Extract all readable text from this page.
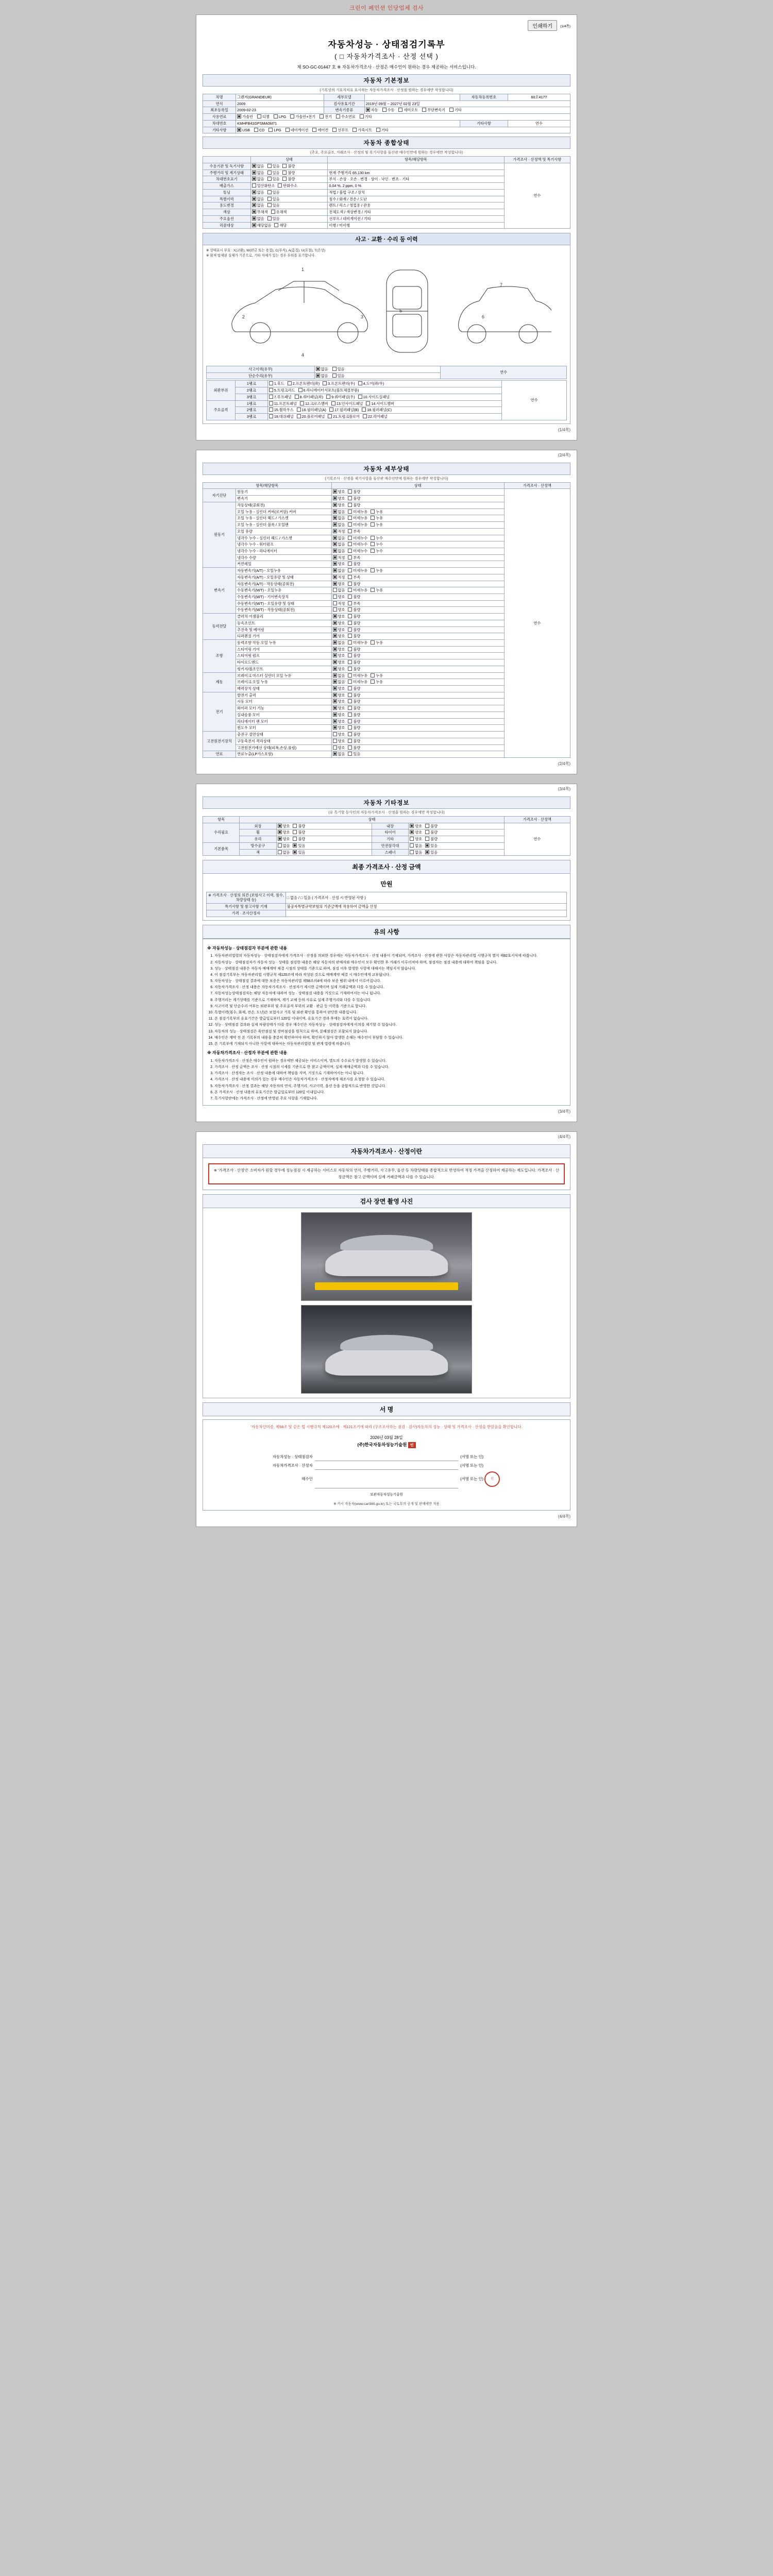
크린이 페민션 인당업체 검사
인쇄하기	(1/4쪽)
자동차성능 · 상태점검기록부
( □ 자동차가격조사 · 산정 선택 )
제 SO-GC-01447 호 ※ 자동차가격조사 · 산정은 매수인이 원하는 경우 제공하는 서비스입니다.
자동차 기본정보
(기록상의 기호자치표 표시하는 자동차가격조사 · 산정을 원하는 경우에만 작성합니다)
차명	그랜저(GRANDEUR)	세부모델		자동차등록번호	60오4177
연식	2009	검사유효기간	2019년 09월 ~ 2027년 02월 23일		
최초등록일	2009-02-23	변속기종류	자동 수동 세미오토 무단변속기 기타		
사용연료	가솔린 디젤 LPG 가솔린+전기 전기 수소연료 기타				
차대번호	KMHFB41GPSMA0M71			기타사항	연수
기타사항	USB CD LPG 네비게이션 에어컨 선루프 가죽시트 기타				
자동차 종합상태
(주요, 주요골조, 거래조사 · 산정의 및 록기사항을 돌산관 매수인만에 원하는 경우에만 작성합니다)
	상태	항목/해당항목	가격조사 · 산정액 및 특기사항
수용기관 및 독기사항	없음 있음 불량		연수
주행거리 및 계기상태	없음 있음 불량	현재 주행거리 65,130 km	
차대번호표기	없음 있음 불량	부식 · 손상 · 오손 · 변경 · 상이 · 낙인 · 변조 · 기타	
배출가스	일산화탄소 탄화수소	0.04 %, 2 ppm, 0 %	
튜닝	없음 있음	적법 / 불법 구조 / 장치	
특별이력	없음 있음	침수 / 화재 / 전손 / 도난	
용도변경	없음 있음	렌트 / 리스 / 영업용 / 관용	
색상	무채색 유채색	전체도색 / 색상변경 / 기타	
주요옵션	없음 있음	선루프 / 네비게이션 / 기타	
리콜대상	해당없음 해당	이행 / 미이행	
사고 · 교환 · 수리 등 이력
※ 상태표시 부호 : X(교환), W(판금 또는 용접), C(부식), A(흠집), U(요철), T(손상)
※ 흰색 탑재된 실제가 기준으로, 기타 자체가 있는 경우 부위를 표기합니다.
1
2	3
4
5
6
7
사고이력(유무)	없음 있음	연수
단순수리(유무)	없음 있음	
외판부위	1랭크	1.후드 2.프론트팬더(좌) 3.프론트팬더(우) 4.도어(좌/우)	연수
	2랭크	5.트렁크리드 6.라디에이터서포트(볼트체결부품)	
	3랭크	7.루프패널 8.쿼터패널(좌) 9.쿼터패널(우) 10.사이드실패널	
주요골격	1랭크	11.프론트패널 12.크로스멤버 13.인사이드패널 14.사이드멤버	
	2랭크	15.휠하우스 16.필러패널(A) 17.필러패널(B) 18.필러패널(C)	
	3랭크	19.대쉬패널 20.플로어패널 21.트렁크플로어 22.리어패널	
(1/4쪽)
(2/4쪽)
자동차 세부상태
(기록조사 · 산정을 제기사항을 돌산관 매수인만에 원하는 경우에만 작성합니다)
항목/해당항목		상태	가격조사 · 산정액
자기진단	원동기	양호 불량	연수
	변속기	양호 불량	
원동기	작동상태(공회전)	양호 불량	
	오일 누유 - 실린더 커버(로커암) 커버	없음 미세누유 누유	
	오일 누유 - 실린더 헤드 / 가스켓	없음 미세누유 누유	
	오일 누유 - 실린더 블록 / 오일팬	없음 미세누유 누유	
	오일 유량	적정 부족	
	냉각수 누수 - 실린더 헤드 / 가스켓	없음 미세누수 누수	
	냉각수 누수 - 워터펌프	없음 미세누수 누수	
	냉각수 누수 - 라디에이터	없음 미세누수 누수	
	냉각수 수량	적정 부족	
	커먼레일	양호 불량	
변속기	자동변속기(A/T) - 오일누유	없음 미세누유 누유	
	자동변속기(A/T) - 오일유량 및 상태	적정 부족	
	자동변속기(A/T) - 작동상태(공회전)	양호 불량	
	수동변속기(M/T) - 오일누유	없음 미세누유 누유	
	수동변속기(M/T) - 기어변속장치	양호 불량	
	수동변속기(M/T) - 오일유량 및 상태	적정 부족	
	수동변속기(M/T) - 작동상태(공회전)	양호 불량	
동력전달	클러치 어셈블리	양호 불량	
	등속조인트	양호 불량	
	추진축 및 베어링	양호 불량	
	디퍼렌셜 기어	양호 불량	
조향	동력조향 작동 오일 누유	없음 미세누유 누유	
	스티어링 기어	양호 불량	
	스티어링 펌프	양호 불량	
	타이로드엔드	양호 불량	
	링키지/볼조인트	양호 불량	
제동	브레이크 마스터 실린더 오일 누유	없음 미세누유 누유	
	브레이크 오일 누유	없음 미세누유 누유	
	배력장치 상태	양호 불량	
전기	발전기 출력	양호 불량	
	시동 모터	양호 불량	
	와이퍼 모터 기능	양호 불량	
	실내송풍 모터	양호 불량	
	라디에이터 팬 모터	양호 불량	
	윈도우 모터	양호 불량	
고전원전기장치	충전구 절연상태	양호 불량	
	구동축전지 격리상태	양호 불량	
	고전원전기배선 상태(피복,손상,풀림)	양호 불량	
연료	연료누출(LP가스포함)	없음 있음	
(2/4쪽)
(3/4쪽)
자동차 기타정보
(유 특기할 동사인의 자동차가격조사 · 산정을 원하는 경우에만 작성합니다)
항목	상태				가격조사 · 산정액
수리필요	외장	양호 불량	내장	양호 불량	연수
	휠	양호 불량	타이어	양호 불량	
	유리	양호 불량	기타	양호 불량	
기본품목	방수공구	없음 있음	안전삼각대	없음 있음	
	잭	없음 있음	스패너	없음 있음	
최종 가격조사 · 산정 금액
만원
※ 가격조사 · 산정의 의견 (보험사고 이력, 침수, 차량상태 등)	□ 없음 / □ 있음 ( 가격조사 · 산정 시 반영된 사항 )
특기사항 및 참고사항 기재	불공자특별규약보험의 기준금액에 적용하여 금액을 산정
가격 · 조사산정자	
유의 사항
※ 자동차성능 · 상태점검자 부분에 관한 내용
1. 자동차관리법령의 자동차성능 · 상태점검자에게 가격조사 · 산정을 의뢰한 경우에는 자동차가격조사 · 산정 내용이 기재되며, 가격조사 · 산정에 관한 사항은 자동차관리법 시행규칙 별지 제82호서식에 따릅니다.
2. 자동차성능 · 상태점검자가 자동차 성능 · 상태를 점검한 내용은 해당 자동차의 판매자와 매수인이 모두 확인한 후 거래가 이루어져야 하며, 점검자는 점검 내용에 대하여 책임을 집니다.
3. 성능 · 상태점검 내용은 자동차 매매계약 체결 시점의 상태를 기준으로 하며, 점검 이후 발생한 사항에 대해서는 책임지지 않습니다.
4. 이 점검기록부는 자동차관리법 시행규칙 제120조에 따라 작성된 것으로 매매계약 체결 시 매수인에게 교부됩니다.
5. 자동차성능 · 상태점검 결과에 대한 보증은 자동차관리법 제58조의4에 따라 보증 범위 내에서 이루어집니다.
6. 자동차가격조사 · 산정 내용은 자동차가격조사 · 산정자가 제시한 금액이며 실제 거래금액과 다를 수 있습니다.
7. 자동차성능상태점검자는 해당 자동차에 대하여 성능 · 상태점검 내용을 거짓으로 기재하여서는 아니 됩니다.
8. 주행거리는 계기상태를 기준으로 기재하며, 계기 교체 등의 사유로 실제 주행거리와 다를 수 있습니다.
9. 사고이력 및 단순수리 여부는 외판부위 및 주요골격 부위의 교환 · 판금 등 이력을 기준으로 합니다.
10. 특별이력(침수, 화재, 전손, 도난)은 보험사고 기록 및 외관 확인을 통하여 판단한 내용입니다.
11. 본 점검기록부의 유효기간은 발급일로부터 120일 이내이며, 유효기간 경과 후에는 효력이 없습니다.
12. 성능 · 상태점검 결과와 실제 차량상태가 다를 경우 매수인은 자동차성능 · 상태점검자에게 이의를 제기할 수 있습니다.
13. 자동차의 성능 · 상태점검은 육안점검 및 장비점검을 원칙으로 하며, 분해점검은 포함되지 않습니다.
14. 매수인은 계약 전 본 기록부의 내용을 충분히 확인하여야 하며, 확인하지 않아 발생한 손해는 매수인이 부담할 수 있습니다.
15. 본 기록부에 기재되지 아니한 사항에 대하여는 자동차관리법령 및 관계 법령에 따릅니다.
※ 자동차가격조사 · 산정자 부분에 관한 내용
1. 자동차가격조사 · 산정은 매수인이 원하는 경우에만 제공되는 서비스이며, 별도의 수수료가 발생할 수 있습니다.
2. 가격조사 · 산정 금액은 조사 · 산정 시점의 시세를 기준으로 한 참고 금액이며, 실제 매매금액과 다를 수 있습니다.
3. 가격조사 · 산정자는 조사 · 산정 내용에 대하여 책임을 지며, 거짓으로 기재하여서는 아니 됩니다.
4. 가격조사 · 산정 내용에 이의가 있는 경우 매수인은 자동차가격조사 · 산정자에게 재조사를 요청할 수 있습니다.
5. 자동차가격조사 · 산정 결과는 해당 자동차의 연식, 주행거리, 사고이력, 옵션 등을 종합적으로 반영한 것입니다.
6. 본 가격조사 · 산정 내용의 유효기간은 발급일로부터 120일 이내입니다.
7. 특기사항란에는 가격조사 · 산정에 반영된 주요 사항을 기재합니다.
(3/4쪽)
(4/4쪽)
자동차가격조사 · 산정이란
※ '가격조사 · 산정'은 소비자가 원할 경우에 성능점검 시 제공하는 서비스로 자동차의 연식, 주행거리, 사고유무, 옵션 등 차량상태를 종합적으로 반영하여 적정 가격을 산정하여 제공하는 제도입니다. 가격조사 · 산정금액은 참고 금액이며 실제 거래금액과 다를 수 있습니다.
검사 장면 촬영 사진
서 명
'자동차인미증, 제58조 및 같은 법 시행규칙 제120조에 · 제121조기에 따라 (구조조사하는 점검 · 검사)자동차의 성능 · 상태 및 가격조사 · 산정을 받았음을 확인합니다.
2026년 03월 28일
(주)한국자동차성능기술원 인
자동차성능 · 상태점검자		(서명 또는 인)
자동차가격조사 · 산정자		(서명 또는 인)
매수인		(서명 또는 인) 인
보관자동차성능기술원
※ 카시 자동차(www.carl365.go.kr) 또는 국토부의 공개 및 판매에만 적용
(4/4쪽)
